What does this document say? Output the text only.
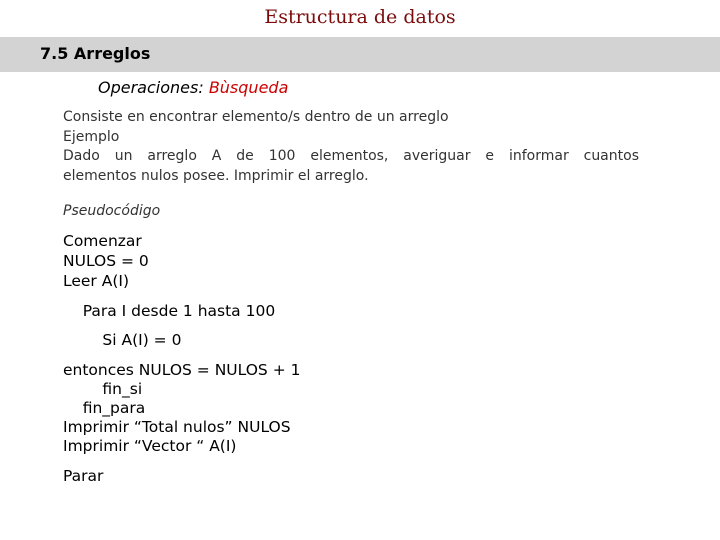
Estructura de datos
7.5 Arreglos
Operaciones: Bùsqueda
Consiste en encontrar elemento/s dentro de un arreglo
Ejemplo
Dado un arreglo A de 100 elementos, averiguar e informar cuantos
elementos nulos posee. Imprimir el arreglo.
Pseudocódigo
Comenzar
NULOS = 0
Leer A(I)
Para I desde 1 hasta 100
Si A(I) = 0
entonces NULOS = NULOS + 1
fin_si
fin_para
Imprimir “Total nulos” NULOS
Imprimir “Vector “ A(I)
Parar
